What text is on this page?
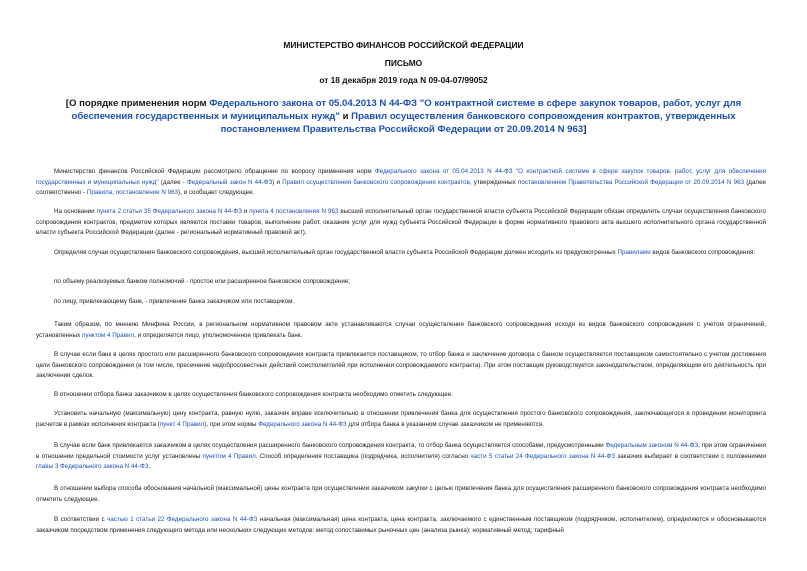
МИНИСТЕРСТВО ФИНАНСОВ РОССИЙСКОЙ ФЕДЕРАЦИИ
ПИСЬМО
от 18 декабря 2019 года N 09-04-07/99052
[О порядке применения норм Федерального закона от 05.04.2013 N 44-ФЗ "О контрактной системе в сфере закупок товаров, работ, услуг для обеспечения государственных и муниципальных нужд" и Правил осуществления банковского сопровождения контрактов, утвержденных постановлением Правительства Российской Федерации от 20.09.2014 N 963]

Министерство финансов Российской Федерации рассмотрело обращение по вопросу применения норм Федерального закона от 05.04.2013 N 44-ФЗ "О контрактной системе в сфере закупок товаров, работ, услуг для обеспечения государственных и муниципальных нужд" (далее - Федеральный закон N 44-ФЗ) и Правил осуществления банковского сопровождения контрактов, утвержденных постановлением Правительства Российской Федерации от 20.09.2014 N 963 (далее соответственно - Правила, постановление N 963), и сообщает следующее.

На основании пункта 2 статьи 35 Федерального закона N 44-ФЗ и пункта 4 постановления N 963 высший исполнительный орган государственной власти субъекта Российской Федерации обязан определить случаи осуществления банковского сопровождения контрактов, предметом которых являются поставки товаров, выполнение работ, оказание услуг для нужд субъекта Российской Федерации в форме нормативного правового акта высшего исполнительного органа государственной власти субъекта Российской Федерации (далее - региональный нормативный правовой акт).

Определяя случаи осуществления банковского сопровождения, высший исполнительный орган государственной власти субъекта Российской Федерации должен исходить из предусмотренных Правилами видов банковского сопровождения:

по объему реализуемых банком полномочий - простое или расширенное банковское сопровождение;

по лицу, привлекающему банк, - привлечение банка заказчиком или поставщиком.

Таким образом, по мнению Минфина России, в региональном нормативном правовом акте устанавливаются случаи осуществления банковского сопровождения исходя из видов банковского сопровождения с учетом ограничений, установленных пунктом 4 Правил, и определяется лицо, уполномоченное привлекать банк.

В случае если банк в целях простого или расширенного банковского сопровождения контракта привлекается поставщиком, то отбор банка и заключение договора с банком осуществляется поставщиком самостоятельно с учетом достижения цели банковского сопровождения (в том числе, пресечение недобросовестных действий соисполнителей при исполнении сопровождаемого контракта). При этом поставщик руководствуется законодательством, определяющим его деятельность при заключении сделок.

В отношении отбора банка заказчиком в целях осуществления банковского сопровождения контракта необходимо отметить следующее.

Установить начальную (максимальную) цену контракта, равную нулю, заказчик вправе исключительно в отношении привлечения банка для осуществления простого банковского сопровождения, заключающегося в проведении мониторинга расчетов в рамках исполнения контракта (пункт 4 Правил), при этом нормы Федерального закона N 44-ФЗ для отбора банка в указанном случае заказчиком не применяются.

В случае если банк привлекается заказчиком в целях осуществления расширенного банковского сопровождения контракта, то отбор банка осуществляется способами, предусмотренными Федеральным законом N 44-ФЗ, при этом ограничения в отношении предельной стоимости услуг установлены пунктом 4 Правил. Способ определения поставщика (подрядчика, исполнителя) согласно части 5 статьи 24 Федерального закона N 44-ФЗ заказчик выбирает в соответствии с положениями главы 3 Федерального закона N 44-ФЗ.

В отношении выбора способа обоснования начальной (максимальной) цены контракта при осуществлении заказчиком закупки с целью привлечения банка для осуществления расширенного банковского сопровождения контракта необходимо отметить следующее.

В соответствии с частью 1 статьи 22 Федерального закона N 44-ФЗ начальная (максимальная) цена контракта, цена контракта, заключаемого с единственным поставщиком (подрядчиком, исполнителем), определяются и обосновываются заказчиком посредством применения следующего метода или нескольких следующих методов: метод сопоставимых рыночных цен (анализа рынка); нормативный метод; тарифный
